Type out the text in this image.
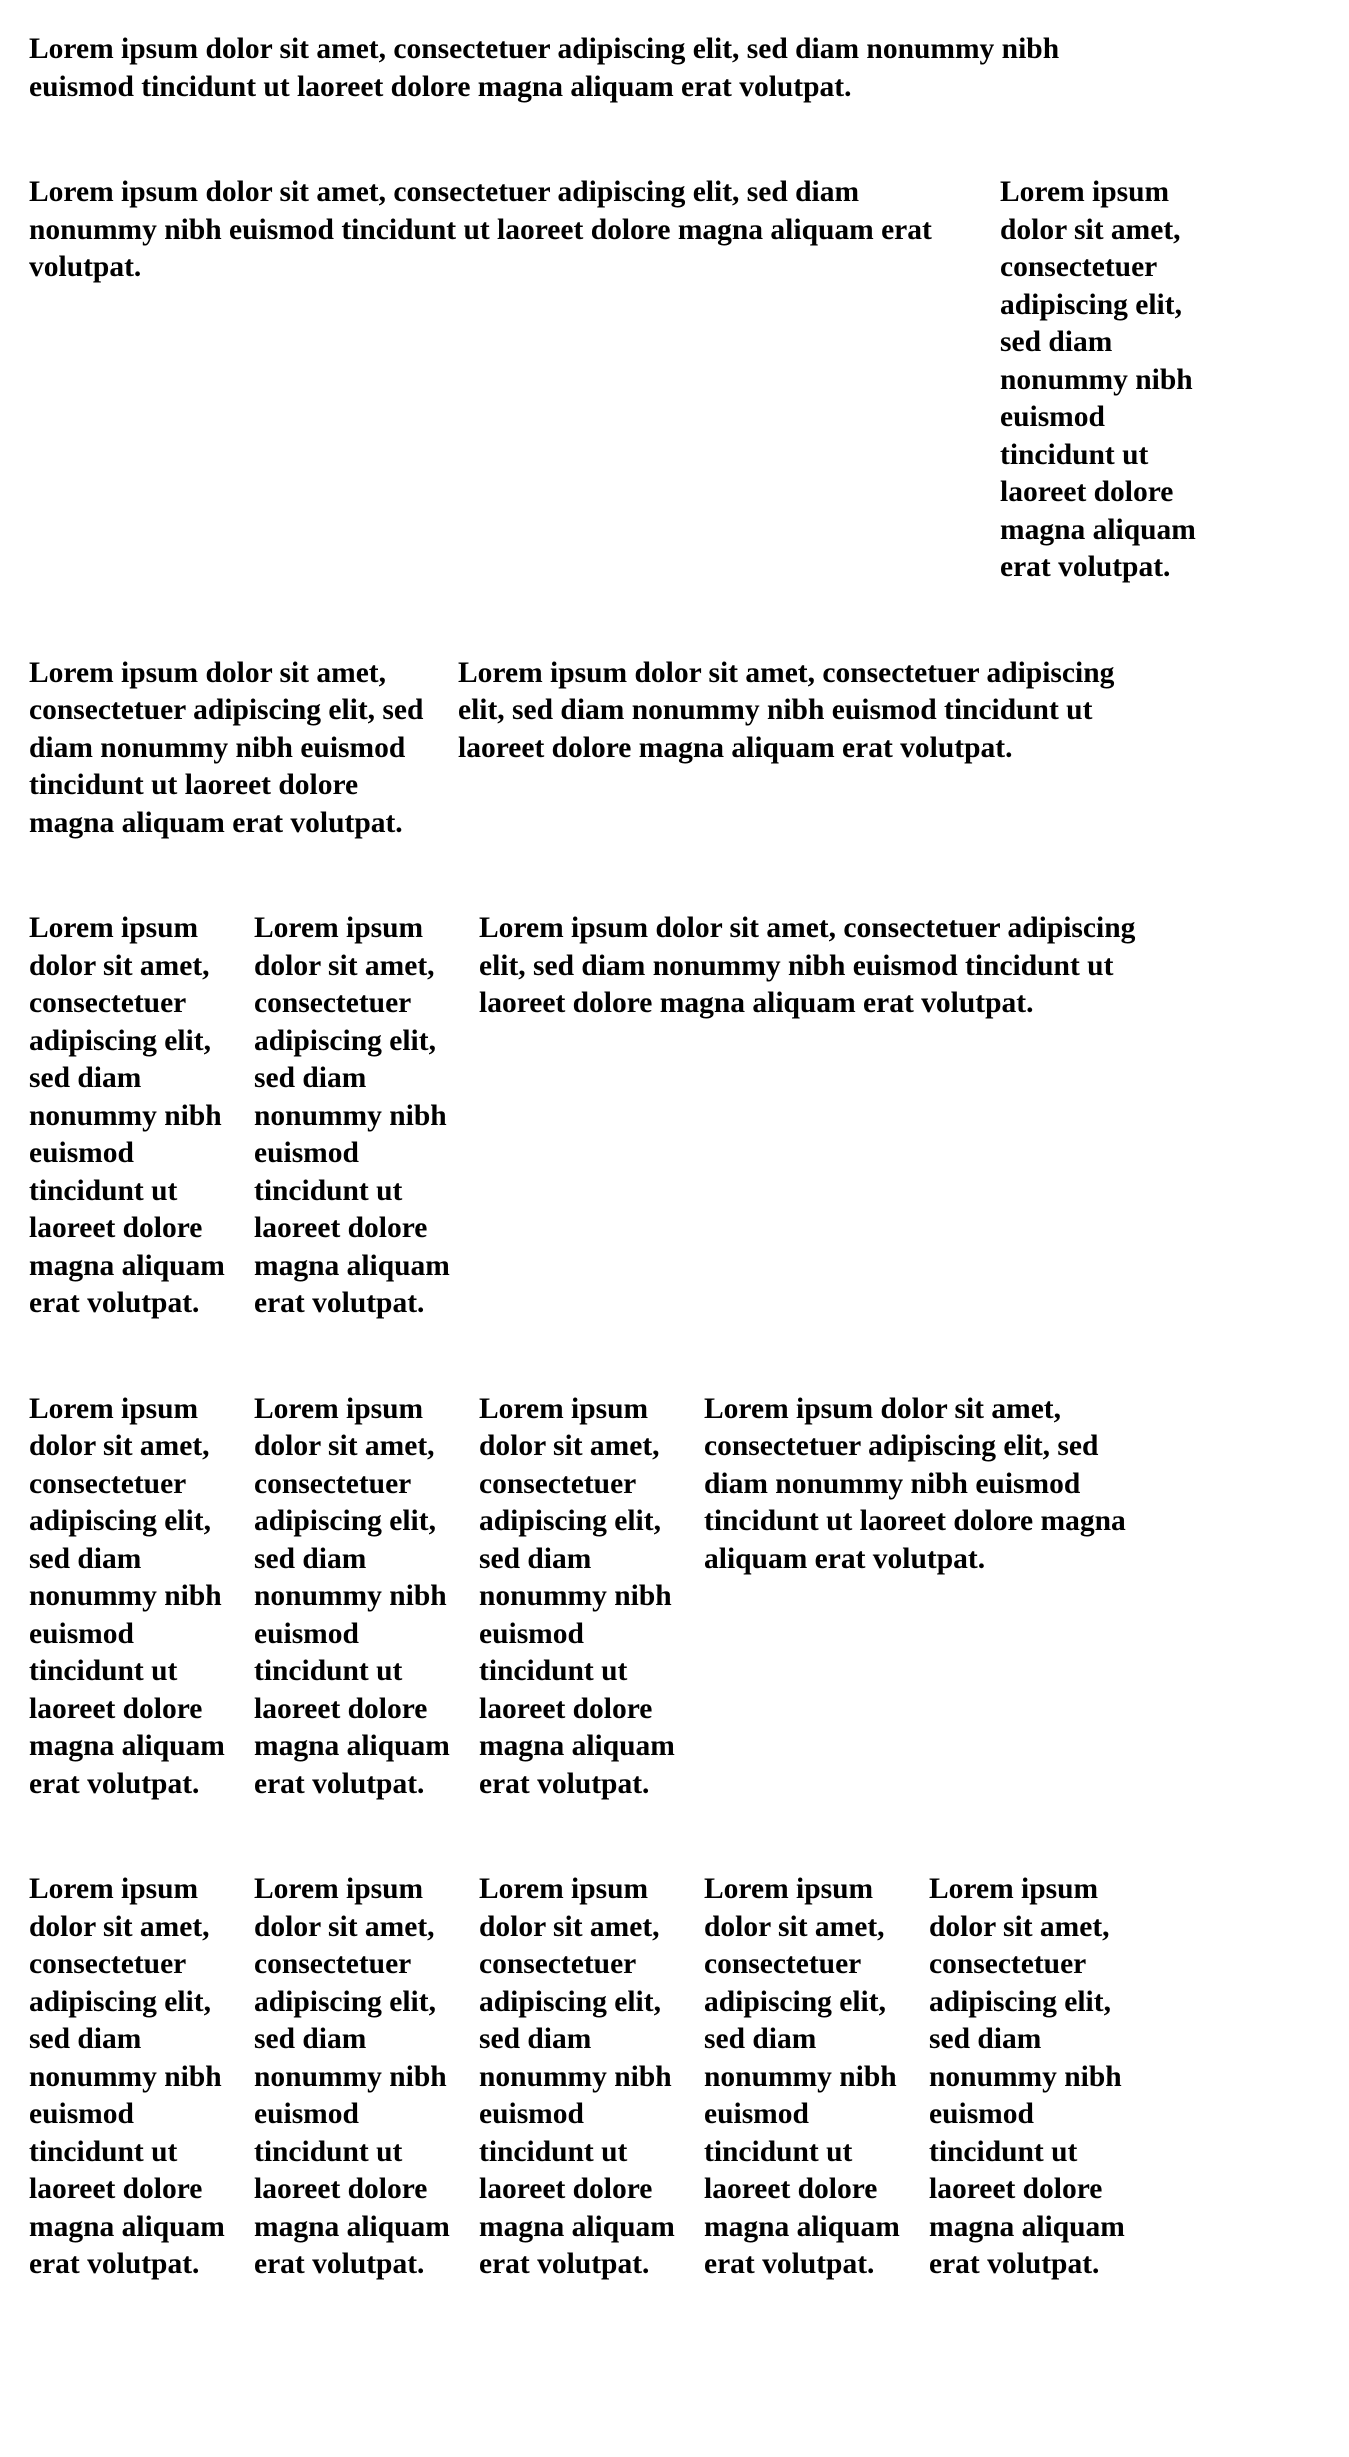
Lorem ipsum dolor sit amet, consectetuer adipiscing elit, sed diam nonummy nibh euismod tincidunt ut laoreet dolore magna aliquam erat volutpat.
Lorem ipsum dolor sit amet, consectetuer adipiscing elit, sed diam nonummy nibh euismod tincidunt ut laoreet dolore magna aliquam erat volutpat.
Lorem ipsum dolor sit amet, consectetuer adipiscing elit, sed diam nonummy nibh euismod tincidunt ut laoreet dolore magna aliquam erat volutpat.
Lorem ipsum dolor sit amet, consectetuer adipiscing elit, sed diam nonummy nibh euismod tincidunt ut laoreet dolore magna aliquam erat volutpat.
Lorem ipsum dolor sit amet, consectetuer adipiscing elit, sed diam nonummy nibh euismod tincidunt ut laoreet dolore magna aliquam erat volutpat.
Lorem ipsum dolor sit amet, consectetuer adipiscing elit, sed diam nonummy nibh euismod tincidunt ut laoreet dolore magna aliquam erat volutpat.
Lorem ipsum dolor sit amet, consectetuer adipiscing elit, sed diam nonummy nibh euismod tincidunt ut laoreet dolore magna aliquam erat volutpat.
Lorem ipsum dolor sit amet, consectetuer adipiscing elit, sed diam nonummy nibh euismod tincidunt ut laoreet dolore magna aliquam erat volutpat.
Lorem ipsum dolor sit amet, consectetuer adipiscing elit, sed diam nonummy nibh euismod tincidunt ut laoreet dolore magna aliquam erat volutpat.
Lorem ipsum dolor sit amet, consectetuer adipiscing elit, sed diam nonummy nibh euismod tincidunt ut laoreet dolore magna aliquam erat volutpat.
Lorem ipsum dolor sit amet, consectetuer adipiscing elit, sed diam nonummy nibh euismod tincidunt ut laoreet dolore magna aliquam erat volutpat.
Lorem ipsum dolor sit amet, consectetuer adipiscing elit, sed diam nonummy nibh euismod tincidunt ut laoreet dolore magna aliquam erat volutpat.
Lorem ipsum dolor sit amet, consectetuer adipiscing elit, sed diam nonummy nibh euismod tincidunt ut laoreet dolore magna aliquam erat volutpat.
Lorem ipsum dolor sit amet, consectetuer adipiscing elit, sed diam nonummy nibh euismod tincidunt ut laoreet dolore magna aliquam erat volutpat.
Lorem ipsum dolor sit amet, consectetuer adipiscing elit, sed diam nonummy nibh euismod tincidunt ut laoreet dolore magna aliquam erat volutpat.
Lorem ipsum dolor sit amet, consectetuer adipiscing elit, sed diam nonummy nibh euismod tincidunt ut laoreet dolore magna aliquam erat volutpat.
Lorem ipsum dolor sit amet, consectetuer adipiscing elit, sed diam nonummy nibh euismod tincidunt ut laoreet dolore magna aliquam erat volutpat.
